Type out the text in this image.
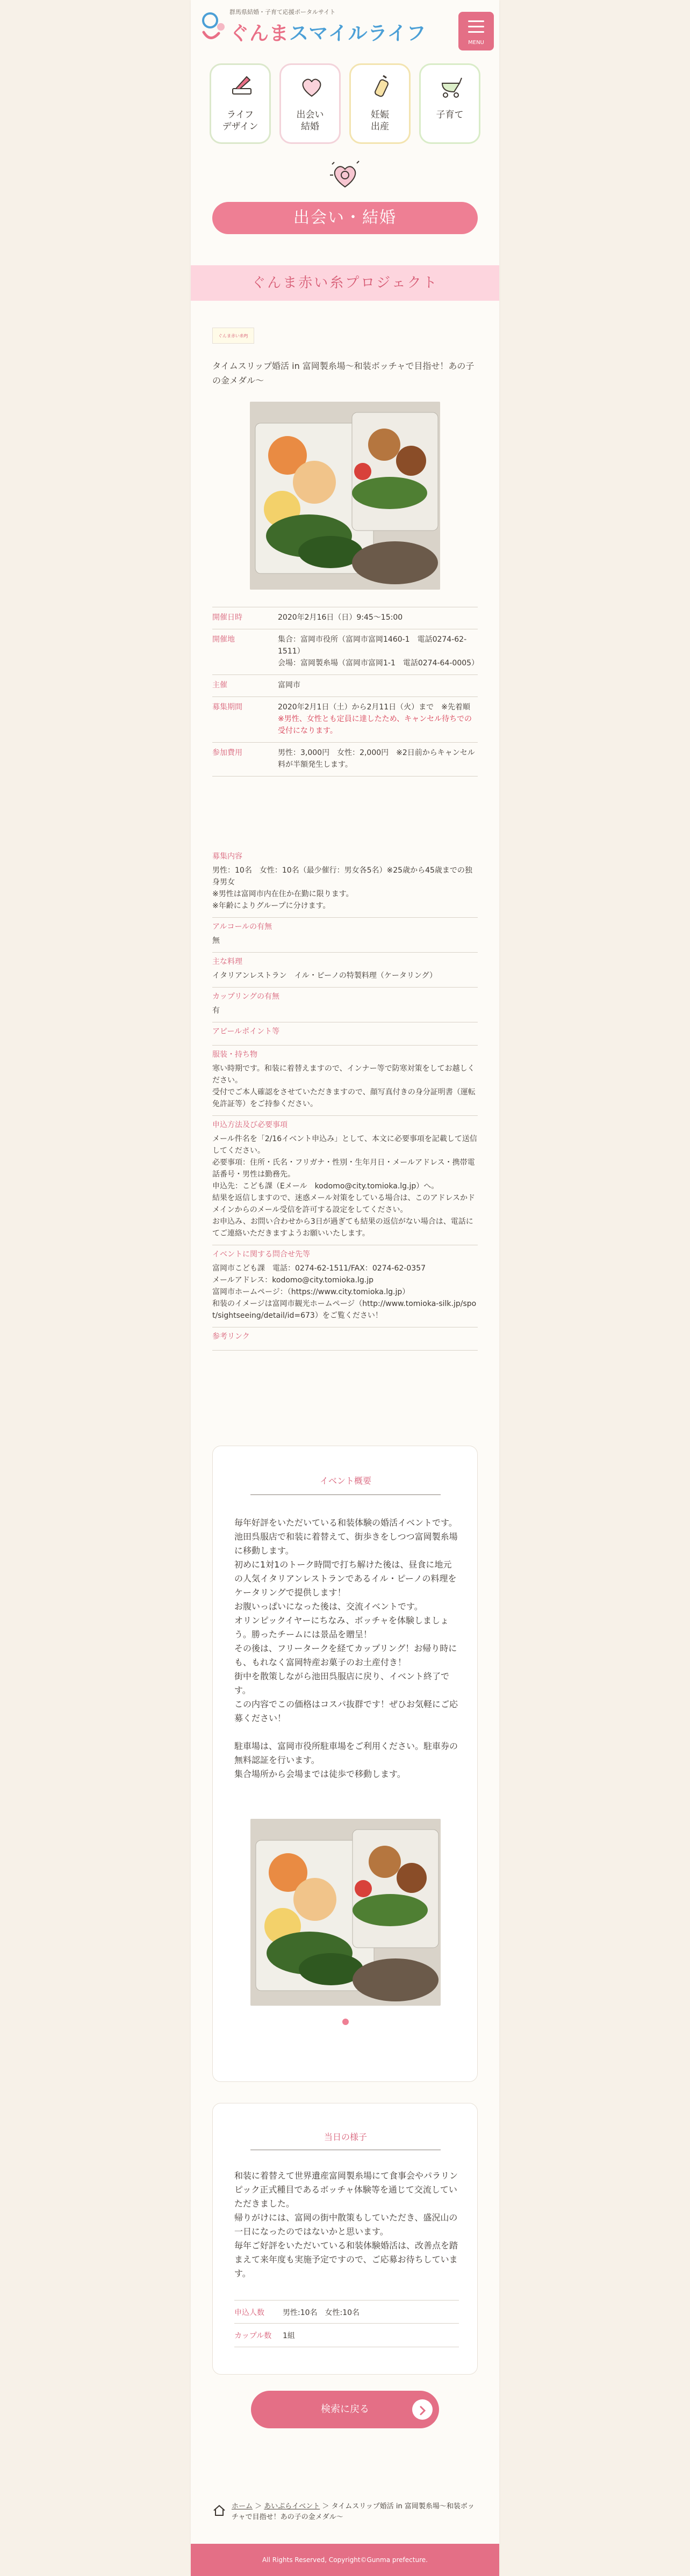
群馬県結婚・子育て応援ポータルサイト
ぐんまスマイルライフ	MENU
ライフ
デザイン
出会い
結婚
妊娠
出産
子育て
出会い・結婚
ぐんま赤い糸プロジェクト
ぐんま赤い糸PJ
タイムスリップ婚活 in 富岡製糸場〜和装ボッチャで目指せ！あの子の金メダル〜
開催日時	2020年2月16日（日）9:45〜15:00
開催地	集合：富岡市役所（富岡市富岡1460-1　電話0274-62-1511）
会場：富岡製糸場（富岡市富岡1-1　電話0274-64-0005）
主催	富岡市
募集期間	2020年2月1日（土）から2月11日（火）まで　※先着順
※男性、女性とも定員に達したため、キャンセル待ちでの受付になります。
参加費用	男性：3,000円　女性：2,000円　※2日前からキャンセル料が半額発生します。
募集内容
男性：10名　女性：10名（最少催行：男女各5名）※25歳から45歳までの独身男女
※男性は富岡市内在住か在勤に限ります。
※年齢によりグループに分けます。
アルコールの有無
無
主な料理
イタリアンレストラン　イル・ピーノの特製料理（ケータリング）
カップリングの有無
有
アピールポイント等
服装・持ち物
寒い時期です。和装に着替えますので、インナー等で防寒対策をしてお越しください。
受付でご本人確認をさせていただきますので、顔写真付きの身分証明書（運転免許証等）をご持参ください。
申込方法及び必要事項
メール件名を「2/16イベント申込み」として、本文に必要事項を記載して送信してください。
必要事項：住所・氏名・フリガナ・性別・生年月日・メールアドレス・携帯電話番号・男性は勤務先。
申込先：こども課（Eメール　kodomo@city.tomioka.lg.jp）へ。
結果を返信しますので、迷惑メール対策をしている場合は、このアドレスかドメインからのメール受信を許可する設定をしてください。
お申込み、お問い合わせから3日が過ぎても結果の返信がない場合は、電話にてご連絡いただきますようお願いいたします。
イベントに関する問合せ先等
富岡市こども課　電話：0274-62-1511/FAX：0274-62-0357
メールアドレス：kodomo@city.tomioka.lg.jp
富岡市ホームページ：（https://www.city.tomioka.lg.jp）
和装のイメージは富岡市観光ホームページ（http://www.tomioka-silk.jp/spot/sightseeing/detail/id=673）をご覧ください！
参考リンク
イベント概要
毎年好評をいただいている和装体験の婚活イベントです。
池田呉服店で和装に着替えて、街歩きをしつつ富岡製糸場に移動します。
初めに1対1のトーク時間で打ち解けた後は、昼食に地元の人気イタリアンレストランであるイル・ピーノの料理をケータリングで提供します！
お腹いっぱいになった後は、交流イベントです。
オリンピックイヤーにちなみ、ボッチャを体験しましょう。勝ったチームには景品を贈呈！
その後は、フリータークを経てカップリング！お帰り時にも、もれなく富岡特産お菓子のお土産付き！
街中を散策しながら池田呉服店に戻り、イベント終了です。
この内容でこの価格はコスパ抜群です！ぜひお気軽にご応募ください！

駐車場は、富岡市役所駐車場をご利用ください。駐車券の無料認証を行います。
集合場所から会場までは徒歩で移動します。
当日の様子
和装に着替えて世界遺産富岡製糸場にて食事会やパラリンピック正式種目であるボッチャ体験等を通じて交流していただきました。
帰りがけには、富岡の街中散策もしていただき、盛況山の一日になったのではないかと思います。
毎年ご好評をいただいている和装体験婚活は、改善点を踏まえて来年度も実施予定ですので、ご応募お待ちしています。
申込人数 男性:10名　女性:10名
カップル数 1組
検索に戻る
ホーム ＞ あいぷらイベント ＞ タイムスリップ婚活 in 富岡製糸場〜和装ボッチャで目指せ！あの子の金メダル〜
All Rights Reserved, Copyright©Gunma prefecture.
